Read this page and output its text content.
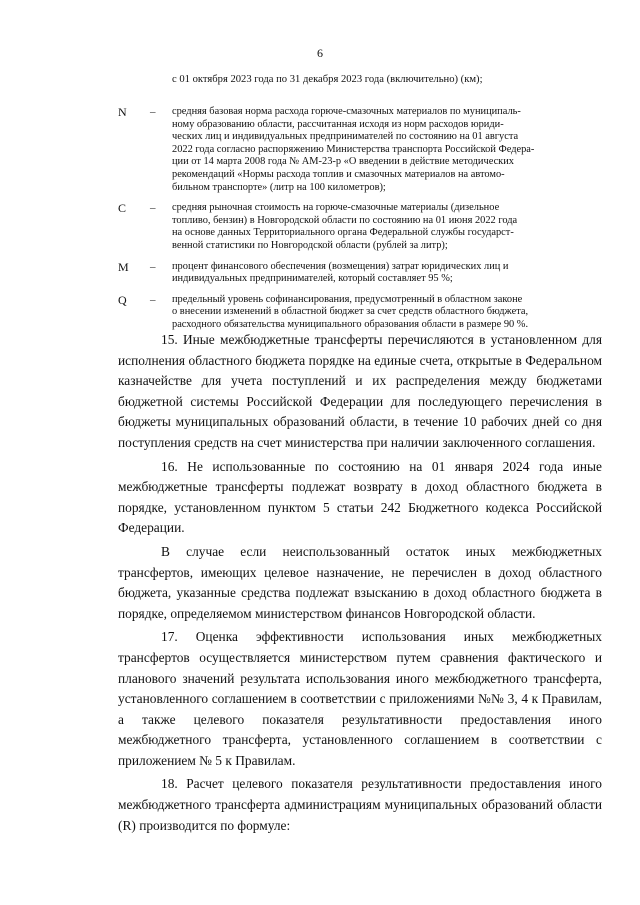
6
с 01 октября 2023 года по 31 декабря 2023 года (включительно) (км);
N	–	средняя базовая норма расхода горюче-смазочных материалов по муниципаль-
ному образованию области, рассчитанная исходя из норм расходов юриди-
ческих лиц и индивидуальных предпринимателей по состоянию на 01 августа
2022 года согласно распоряжению Министерства транспорта Российской Федера-
ции от 14 марта 2008 года № АМ-23-р «О введении в действие методических
рекомендаций «Нормы расхода топлив и смазочных материалов на автомо-
бильном транспорте» (литр на 100 километров);
C	–	средняя рыночная стоимость на горюче-смазочные материалы (дизельное
топливо, бензин) в Новгородской области по состоянию на 01 июня 2022 года
на основе данных Территориального органа Федеральной службы государст-
венной статистики по Новгородской области (рублей за литр);
M	–	процент финансового обеспечения (возмещения) затрат юридических лиц и
индивидуальных предпринимателей, который составляет 95 %;
Q	–	предельный уровень софинансирования, предусмотренный в областном законе
о внесении изменений в областной бюджет за счет средств областного бюджета,
расходного обязательства муниципального образования области в размере 90 %.

15. Иные межбюджетные трансферты перечисляются в установленном для исполнения областного бюджета порядке на единые счета, открытые в Федеральном казначействе для учета поступлений и их распределения между бюджетами бюджетной системы Российской Федерации для последующего перечисления в бюджеты муниципальных образований области, в течение 10 рабочих дней со дня поступления средств на счет министерства при наличии заключенного соглашения.

16. Не использованные по состоянию на 01 января 2024 года иные межбюджетные трансферты подлежат возврату в доход областного бюджета в порядке, установленном пунктом 5 статьи 242 Бюджетного кодекса Российской Федерации.

В случае если неиспользованный остаток иных межбюджетных трансфертов, имеющих целевое назначение, не перечислен в доход областного бюджета, указанные средства подлежат взысканию в доход областного бюджета в порядке, определяемом министерством финансов Новгородской области.

17. Оценка эффективности использования иных межбюджетных трансфертов осуществляется министерством путем сравнения фактического и планового значений результата использования иного межбюджетного трансферта, установленного соглашением в соответствии с приложениями №№ 3, 4 к Правилам, а также целевого показателя результативности предоставления иного межбюджетного трансферта, установленного соглашением в соответствии с приложением № 5 к Правилам.

18. Расчет целевого показателя результативности предоставления иного межбюджетного трансферта администрациям муниципальных образований области (R) производится по формуле:
